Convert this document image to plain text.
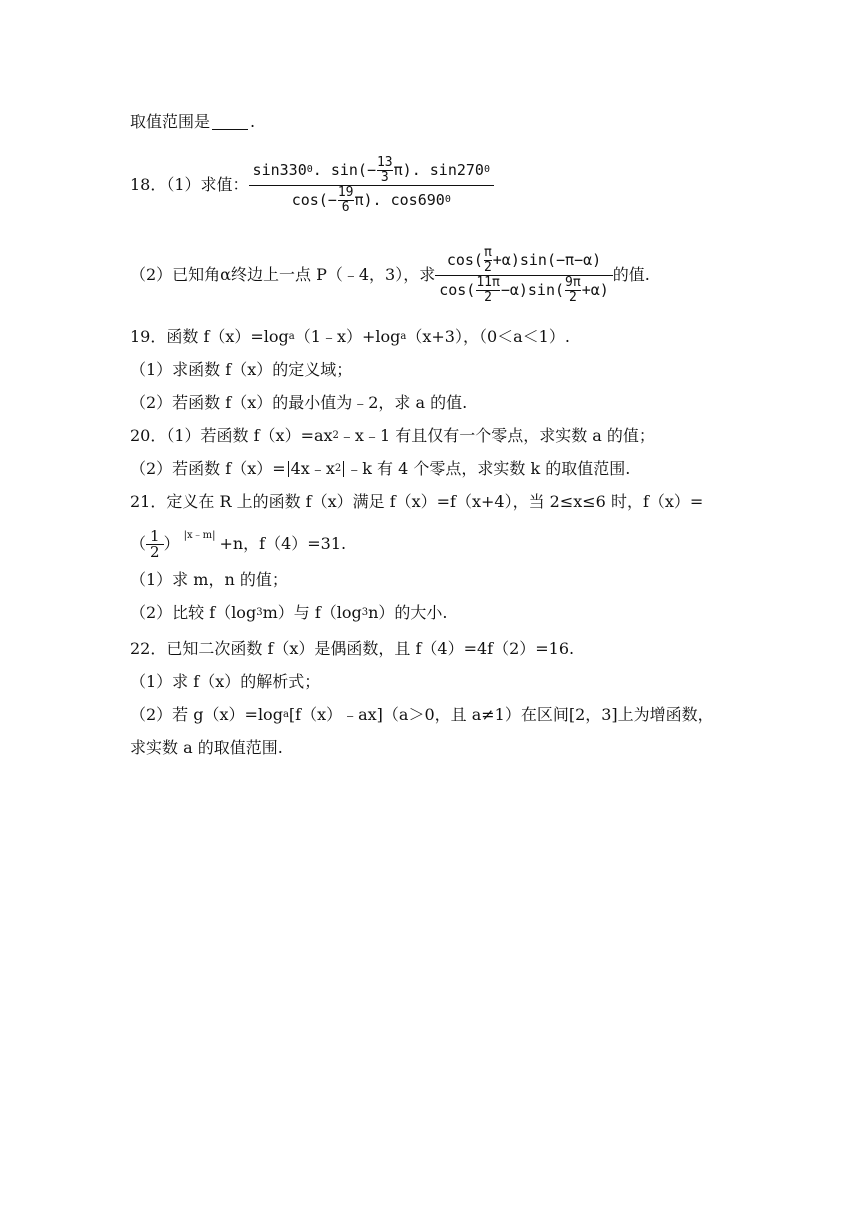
取值范围是	.
18．（1）求值： sin330 0 . sin(− 13
3 π). sin270 0
cos(− 19
6 π). cos690 0
（2）已知角α终边上一点 P（﹣4，3），求 cos( π
2 +α)sin(−π−α)
cos( 11π
2 −α)sin( 9π
2 +α) 的值.
19．函数 f（x）=log a （1﹣x）+log a （x+3），（0＜a＜1）.
（1）求函数 f（x）的定义域；
（2）若函数 f（x）的最小值为﹣2，求 a 的值.
20．（1）若函数 f（x）=ax 2 ﹣x﹣1 有且仅有一个零点，求实数 a 的值；
（2）若函数 f（x）= 4x﹣x 2 ﹣k 有 4 个零点，求实数 k 的取值范围.
21．定义在 R 上的函数 f（x）满足 f（x）=f（x+4），当 2≤x≤6 时，f（x）=
（ $\frac{1}{2}$ ） |x﹣m| +n，f（4）=31.
（1）求 m，n 的值；
（2）比较 f（log 3 m）与 f（log 3 n）的大小.
22．已知二次函数 f（x）是偶函数，且 f（4）=4f（2）=16.
（1）求 f（x）的解析式；
（2）若 g（x）=log a [f（x）﹣ax]（a＞0，且 a≠1）在区间[2，3]上为增函数，
求实数 a 的取值范围.
